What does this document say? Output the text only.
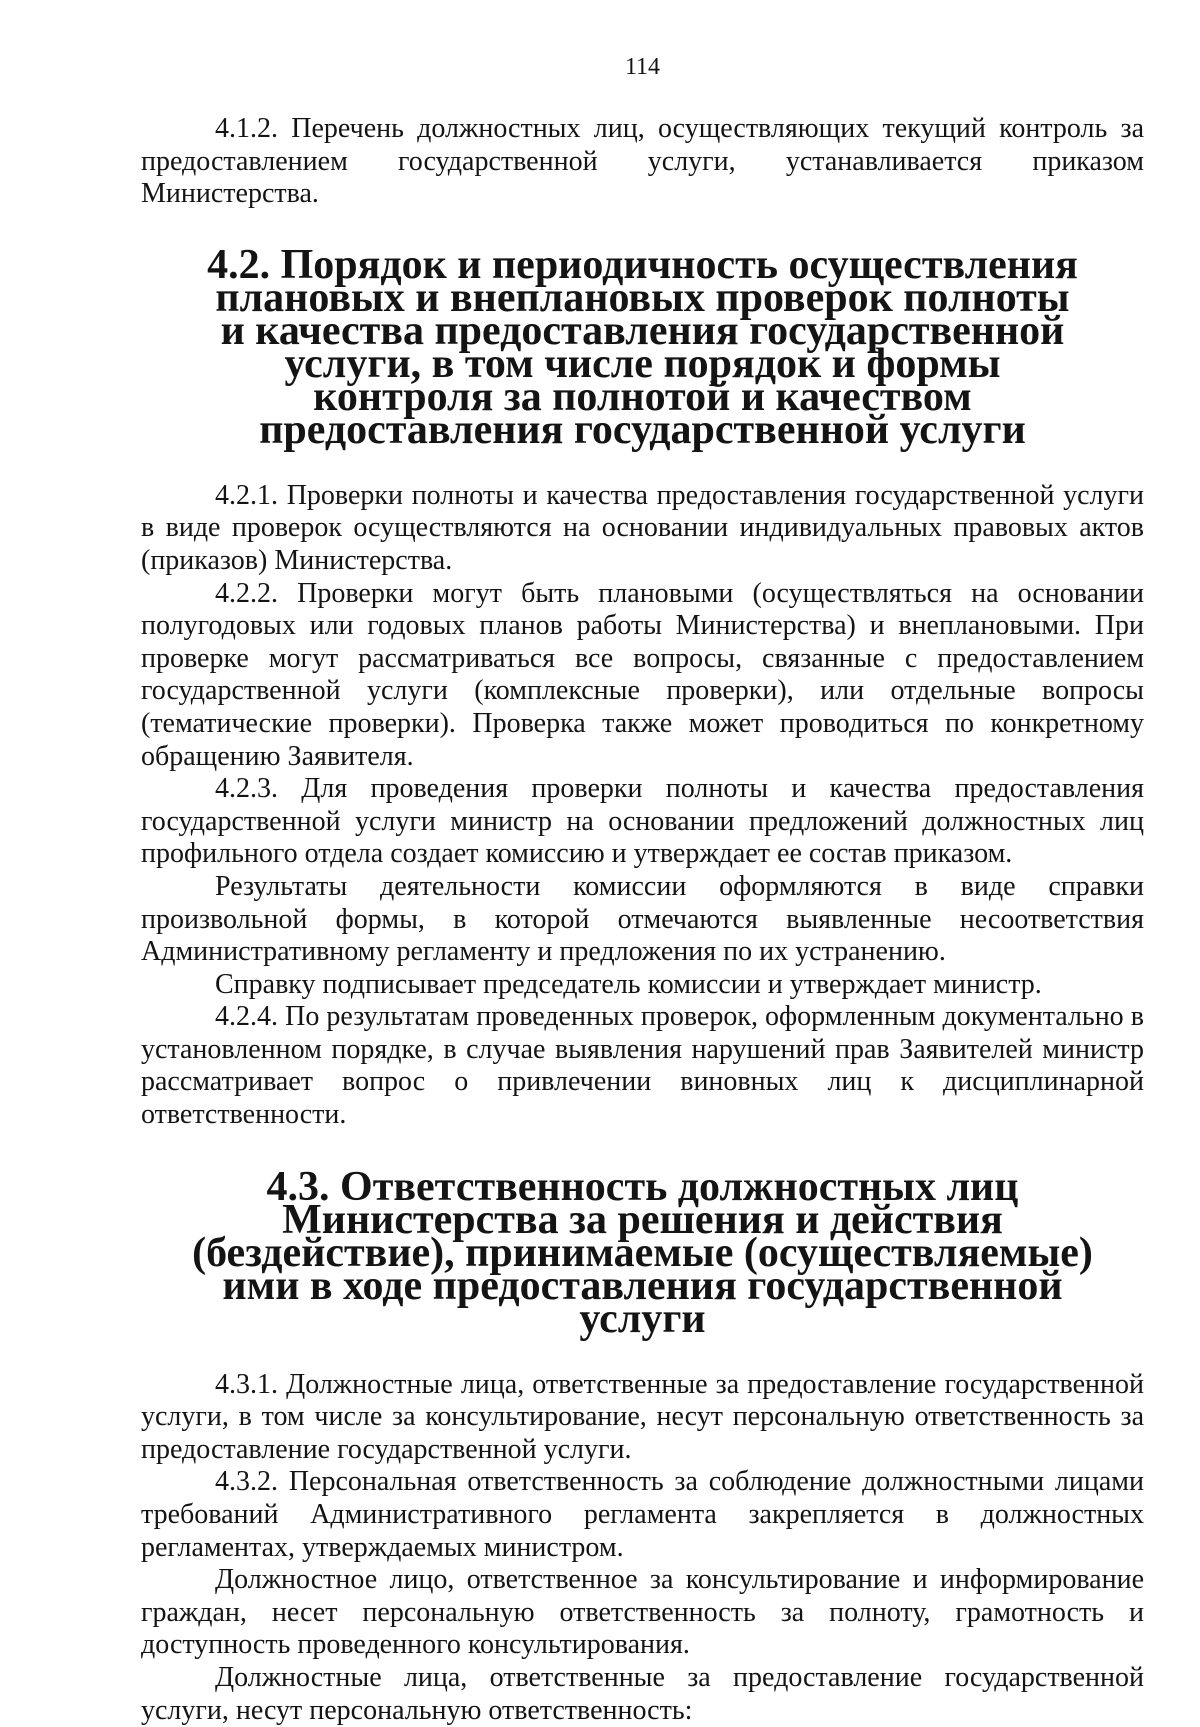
114

4.1.2. Перечень должностных лиц, осуществляющих текущий контроль за предоставлением государственной услуги, устанавливается приказом Министерства.

4.2. Порядок и периодичность осуществления плановых и внеплановых проверок полноты и качества предоставления государственной услуги, в том числе порядок и формы контроля за полнотой и качеством предоставления государственной услуги

4.2.1. Проверки полноты и качества предоставления государственной услуги в виде проверок осуществляются на основании индивидуальных правовых актов (приказов) Министерства.

4.2.2. Проверки могут быть плановыми (осуществляться на основании полугодовых или годовых планов работы Министерства) и внеплановыми. При проверке могут рассматриваться все вопросы, связанные с предоставлением государственной услуги (комплексные проверки), или отдельные вопросы (тематические проверки). Проверка также может проводиться по конкретному обращению Заявителя.

4.2.3. Для проведения проверки полноты и качества предоставления государственной услуги министр на основании предложений должностных лиц профильного отдела создает комиссию и утверждает ее состав приказом.

Результаты деятельности комиссии оформляются в виде справки произвольной формы, в которой отмечаются выявленные несоответствия Административному регламенту и предложения по их устранению.

Справку подписывает председатель комиссии и утверждает министр.

4.2.4. По результатам проведенных проверок, оформленным документально в установленном порядке, в случае выявления нарушений прав Заявителей министр рассматривает вопрос о привлечении виновных лиц к дисциплинарной ответственности.

4.3. Ответственность должностных лиц Министерства за решения и действия (бездействие), принимаемые (осуществляемые) ими в ходе предоставления государственной услуги

4.3.1. Должностные лица, ответственные за предоставление государственной услуги, в том числе за консультирование, несут персональную ответственность за предоставление государственной услуги.

4.3.2. Персональная ответственность за соблюдение должностными лицами требований Административного регламента закрепляется в должностных регламентах, утверждаемых министром.

Должностное лицо, ответственное за консультирование и информирование граждан, несет персональную ответственность за полноту, грамотность и доступность проведенного консультирования.

Должностные лица, ответственные за предоставление государственной услуги, несут персональную ответственность:
